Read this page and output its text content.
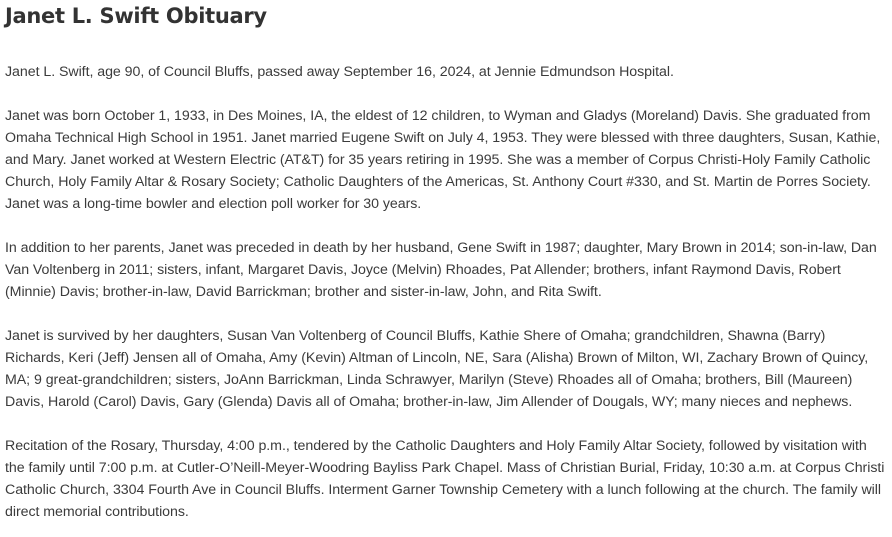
Janet L. Swift Obituary

Janet L. Swift, age 90, of Council Bluffs, passed away September 16, 2024, at Jennie Edmundson Hospital.

Janet was born October 1, 1933, in Des Moines, IA, the eldest of 12 children, to Wyman and Gladys (Moreland) Davis. She graduated from Omaha Technical High School in 1951. Janet married Eugene Swift on July 4, 1953. They were blessed with three daughters, Susan, Kathie, and Mary. Janet worked at Western Electric (AT&T) for 35 years retiring in 1995. She was a member of Corpus Christi-Holy Family Catholic Church, Holy Family Altar & Rosary Society; Catholic Daughters of the Americas, St. Anthony Court #330, and St. Martin de Porres Society. Janet was a long-time bowler and election poll worker for 30 years.

In addition to her parents, Janet was preceded in death by her husband, Gene Swift in 1987; daughter, Mary Brown in 2014; son-in-law, Dan Van Voltenberg in 2011; sisters, infant, Margaret Davis, Joyce (Melvin) Rhoades, Pat Allender; brothers, infant Raymond Davis, Robert (Minnie) Davis; brother-in-law, David Barrickman; brother and sister-in-law, John, and Rita Swift.

Janet is survived by her daughters, Susan Van Voltenberg of Council Bluffs, Kathie Shere of Omaha; grandchildren, Shawna (Barry) Richards, Keri (Jeff) Jensen all of Omaha, Amy (Kevin) Altman of Lincoln, NE, Sara (Alisha) Brown of Milton, WI, Zachary Brown of Quincy, MA; 9 great-grandchildren; sisters, JoAnn Barrickman, Linda Schrawyer, Marilyn (Steve) Rhoades all of Omaha; brothers, Bill (Maureen) Davis, Harold (Carol) Davis, Gary (Glenda) Davis all of Omaha; brother-in-law, Jim Allender of Dougals, WY; many nieces and nephews.

Recitation of the Rosary, Thursday, 4:00 p.m., tendered by the Catholic Daughters and Holy Family Altar Society, followed by visitation with the family until 7:00 p.m. at Cutler-O’Neill-Meyer-Woodring Bayliss Park Chapel. Mass of Christian Burial, Friday, 10:30 a.m. at Corpus Christi Catholic Church, 3304 Fourth Ave in Council Bluffs. Interment Garner Township Cemetery with a lunch following at the church. The family will direct memorial contributions.
